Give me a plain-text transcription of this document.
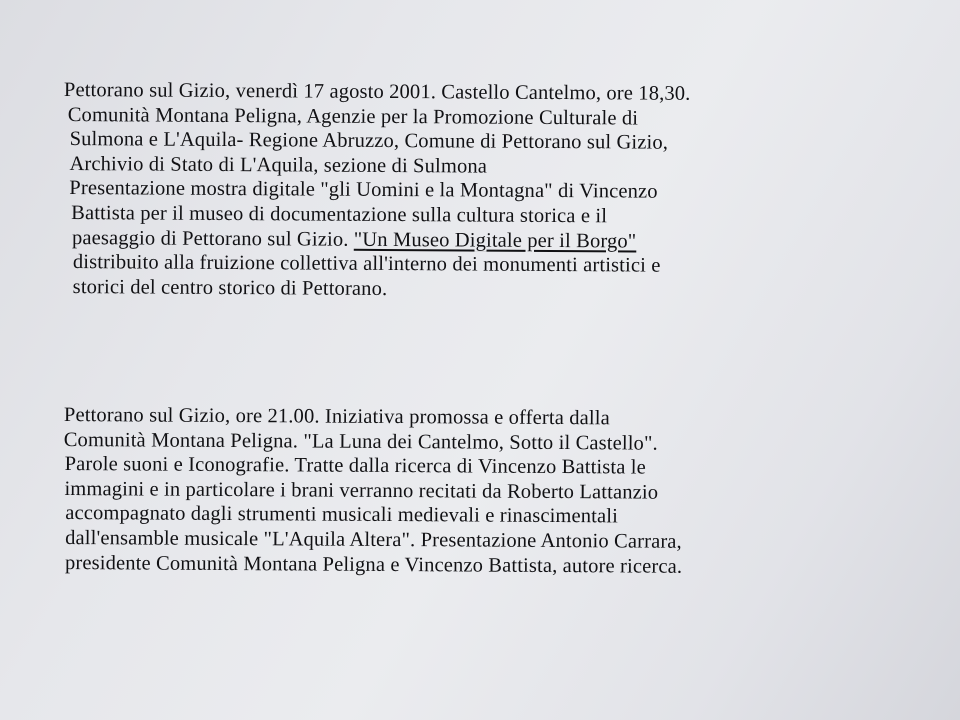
Pettorano sul Gizio, venerdì 17 agosto 2001. Castello Cantelmo, ore 18,30.
Comunità Montana Peligna, Agenzie per la Promozione Culturale di
Sulmona e L'Aquila- Regione Abruzzo, Comune di Pettorano sul Gizio,
Archivio di Stato di L'Aquila, sezione di Sulmona
Presentazione mostra digitale "gli Uomini e la Montagna" di Vincenzo
Battista per il museo di documentazione sulla cultura storica e il
paesaggio di Pettorano sul Gizio. "Un Museo Digitale per il Borgo"
distribuito alla fruizione collettiva all'interno dei monumenti artistici e
storici del centro storico di Pettorano.
Pettorano sul Gizio, ore 21.00. Iniziativa promossa e offerta dalla
Comunità Montana Peligna. "La Luna dei Cantelmo, Sotto il Castello".
Parole suoni e Iconografie. Tratte dalla ricerca di Vincenzo Battista le
immagini e in particolare i brani verranno recitati da Roberto Lattanzio
accompagnato dagli strumenti musicali medievali e rinascimentali
dall'ensamble musicale "L'Aquila Altera". Presentazione Antonio Carrara,
presidente Comunità Montana Peligna e Vincenzo Battista, autore ricerca.
